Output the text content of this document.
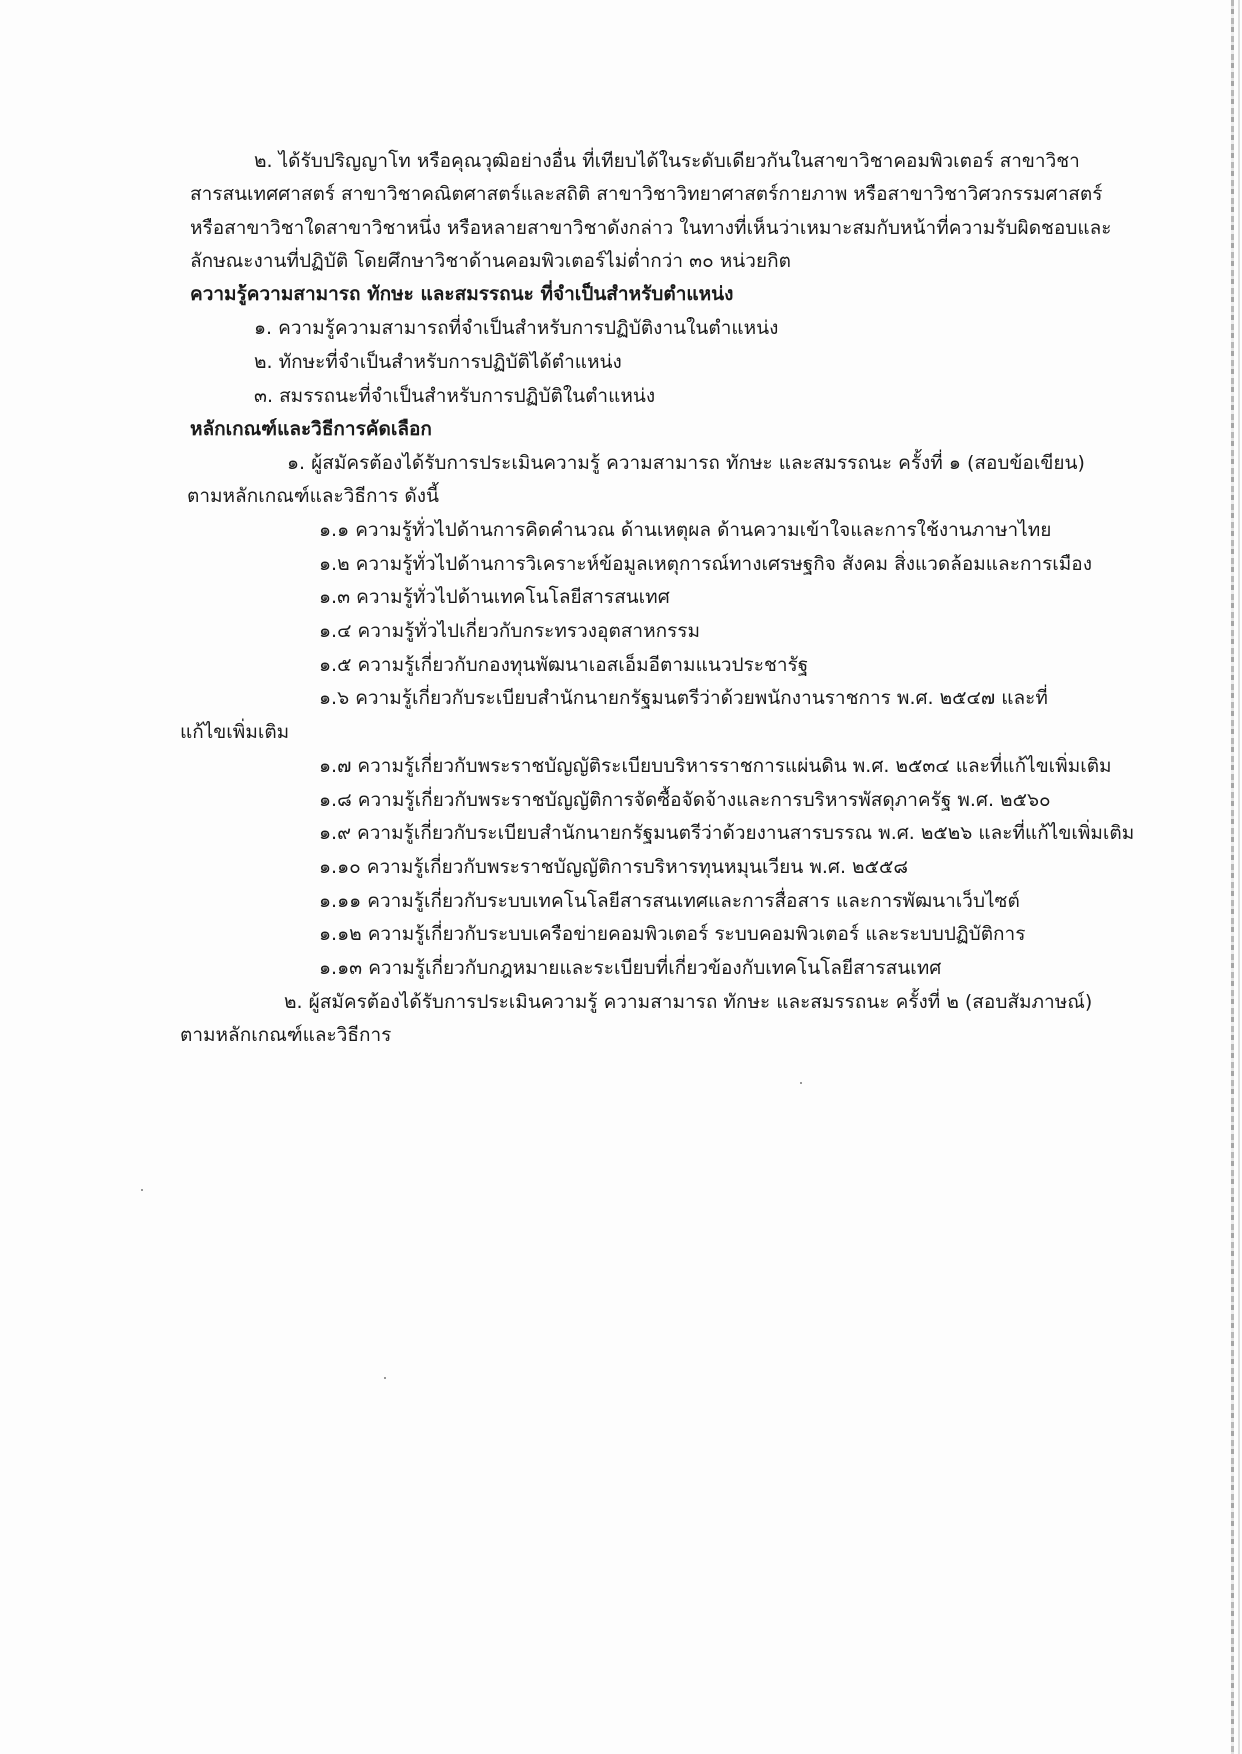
๒. ได้รับปริญญาโท หรือคุณวุฒิอย่างอื่น ที่เทียบได้ในระดับเดียวกันในสาขาวิชาคอมพิวเตอร์ สาขาวิชา
สารสนเทศศาสตร์ สาขาวิชาคณิตศาสตร์และสถิติ สาขาวิชาวิทยาศาสตร์กายภาพ หรือสาขาวิชาวิศวกรรมศาสตร์
หรือสาขาวิชาใดสาขาวิชาหนึ่ง หรือหลายสาขาวิชาดังกล่าว ในทางที่เห็นว่าเหมาะสมกับหน้าที่ความรับผิดชอบและ
ลักษณะงานที่ปฏิบัติ โดยศึกษาวิชาด้านคอมพิวเตอร์ไม่ต่ำกว่า ๓๐ หน่วยกิต
ความรู้ความสามารถ ทักษะ และสมรรถนะ ที่จำเป็นสำหรับตำแหน่ง
๑. ความรู้ความสามารถที่จำเป็นสำหรับการปฏิบัติงานในตำแหน่ง
๒. ทักษะที่จำเป็นสำหรับการปฏิบัติได้ตำแหน่ง
๓. สมรรถนะที่จำเป็นสำหรับการปฏิบัติในตำแหน่ง
หลักเกณฑ์และวิธีการคัดเลือก
๑. ผู้สมัครต้องได้รับการประเมินความรู้ ความสามารถ ทักษะ และสมรรถนะ ครั้งที่ ๑ (สอบข้อเขียน)
ตามหลักเกณฑ์และวิธีการ ดังนี้
๑.๑ ความรู้ทั่วไปด้านการคิดคำนวณ ด้านเหตุผล ด้านความเข้าใจและการใช้งานภาษาไทย
๑.๒ ความรู้ทั่วไปด้านการวิเคราะห์ข้อมูลเหตุการณ์ทางเศรษฐกิจ สังคม สิ่งแวดล้อมและการเมือง
๑.๓ ความรู้ทั่วไปด้านเทคโนโลยีสารสนเทศ
๑.๔ ความรู้ทั่วไปเกี่ยวกับกระทรวงอุตสาหกรรม
๑.๕ ความรู้เกี่ยวกับกองทุนพัฒนาเอสเอ็มอีตามแนวประชารัฐ
๑.๖ ความรู้เกี่ยวกับระเบียบสำนักนายกรัฐมนตรีว่าด้วยพนักงานราชการ พ.ศ. ๒๕๔๗ และที่
แก้ไขเพิ่มเติม
๑.๗ ความรู้เกี่ยวกับพระราชบัญญัติระเบียบบริหารราชการแผ่นดิน พ.ศ. ๒๕๓๔ และที่แก้ไขเพิ่มเติม
๑.๘ ความรู้เกี่ยวกับพระราชบัญญัติการจัดซื้อจัดจ้างและการบริหารพัสดุภาครัฐ พ.ศ. ๒๕๖๐
๑.๙ ความรู้เกี่ยวกับระเบียบสำนักนายกรัฐมนตรีว่าด้วยงานสารบรรณ พ.ศ. ๒๕๒๖ และที่แก้ไขเพิ่มเติม
๑.๑๐ ความรู้เกี่ยวกับพระราชบัญญัติการบริหารทุนหมุนเวียน พ.ศ. ๒๕๕๘
๑.๑๑ ความรู้เกี่ยวกับระบบเทคโนโลยีสารสนเทศและการสื่อสาร และการพัฒนาเว็บไซต์
๑.๑๒ ความรู้เกี่ยวกับระบบเครือข่ายคอมพิวเตอร์ ระบบคอมพิวเตอร์ และระบบปฏิบัติการ
๑.๑๓ ความรู้เกี่ยวกับกฎหมายและระเบียบที่เกี่ยวข้องกับเทคโนโลยีสารสนเทศ
๒. ผู้สมัครต้องได้รับการประเมินความรู้ ความสามารถ ทักษะ และสมรรถนะ ครั้งที่ ๒ (สอบสัมภาษณ์)
ตามหลักเกณฑ์และวิธีการ
